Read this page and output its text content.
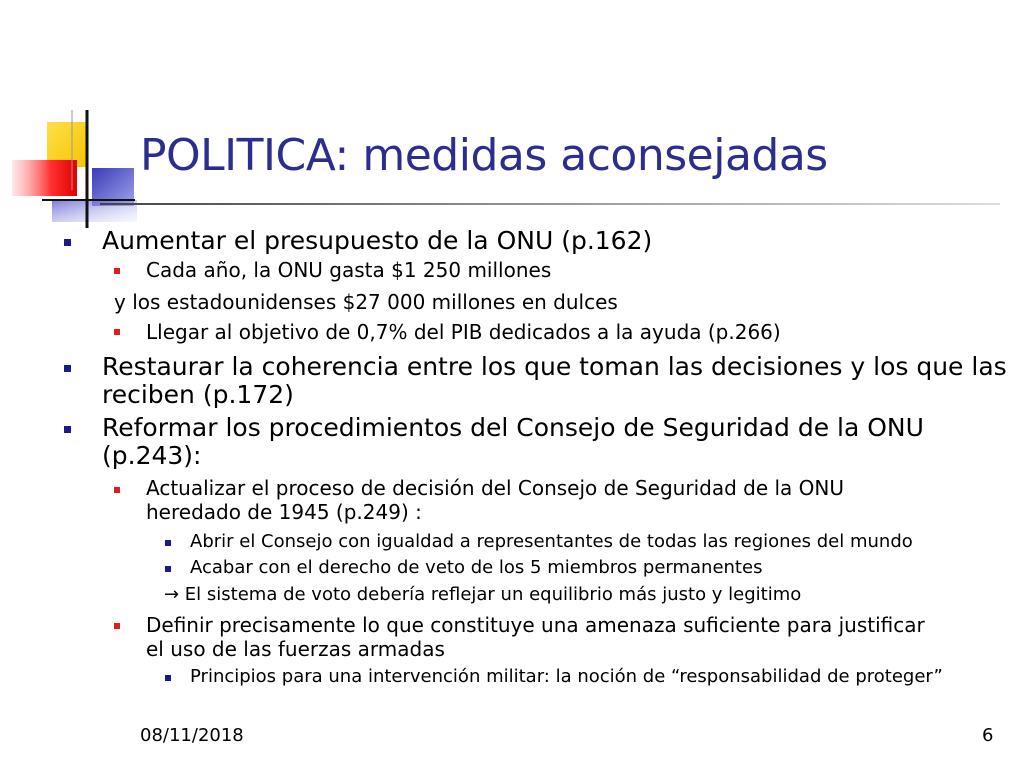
POLITICA: medidas aconsejadas
Aumentar el presupuesto de la ONU (p.162)
Cada año, la ONU gasta $1 250 millones
y los estadounidenses $27 000 millones en dulces
Llegar al objetivo de 0,7% del PIB dedicados a la ayuda (p.266)
Restaurar la coherencia entre los que toman las decisiones y los que las
reciben (p.172)
Reformar los procedimientos del Consejo de Seguridad de la ONU
(p.243):
Actualizar el proceso de decisión del Consejo de Seguridad de la ONU
heredado de 1945 (p.249) :
Abrir el Consejo con igualdad a representantes de todas las regiones del mundo
Acabar con el derecho de veto de los 5 miembros permanentes
→ El sistema de voto debería reflejar un equilibrio más justo y legitimo
Definir precisamente lo que constituye una amenaza suficiente para justificar
el uso de las fuerzas armadas
Principios para una intervención militar: la noción de “responsabilidad de proteger”
08/11/2018	6
